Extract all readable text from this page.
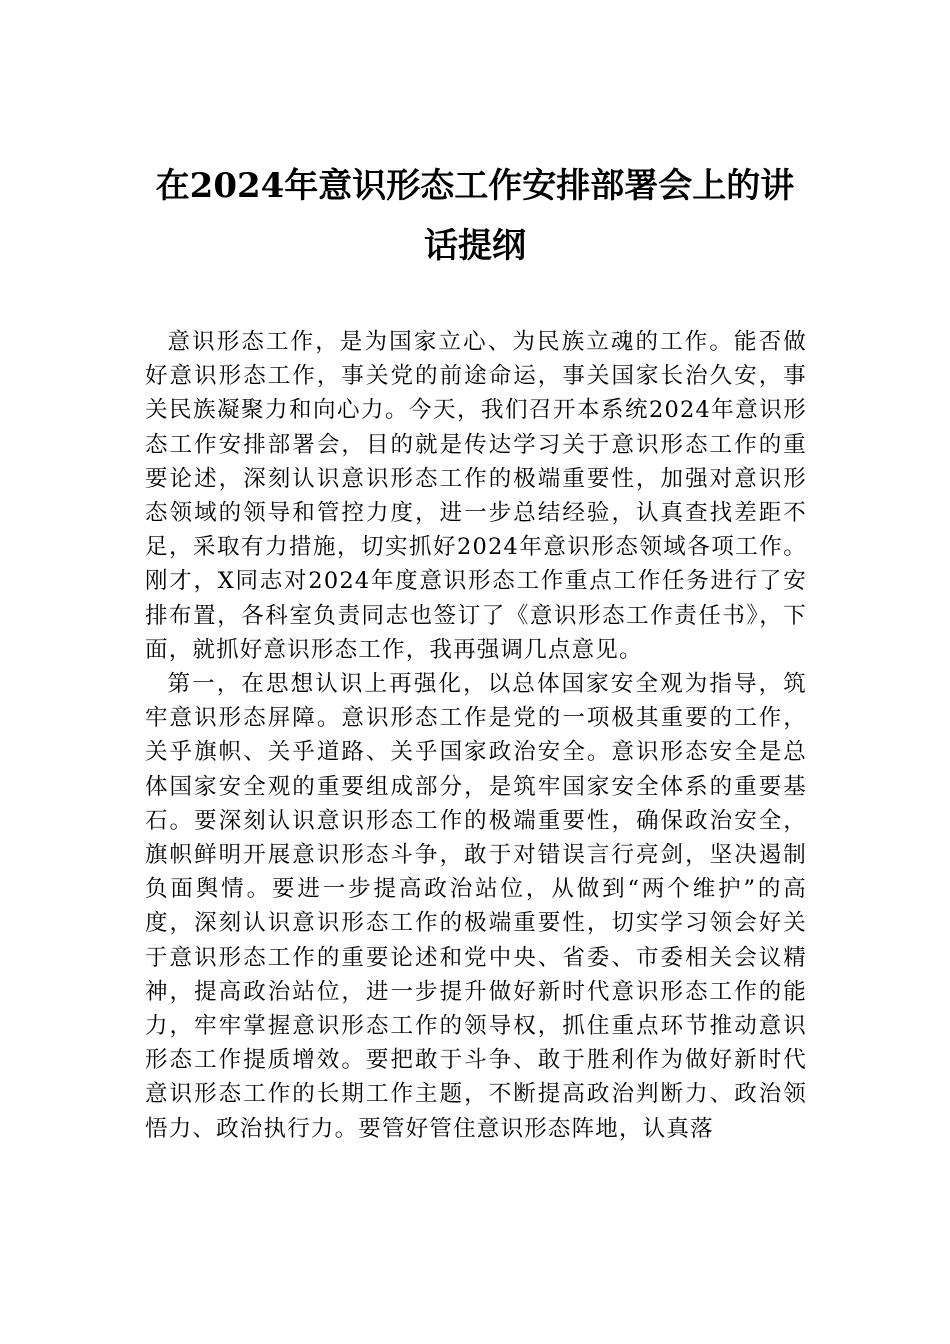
在2024年意识形态工作安排部署会上的讲话提纲

意识形态工作，是为国家立心、为民族立魂的工作。能否做好意识形态工作，事关党的前途命运，事关国家长治久安，事关民族凝聚力和向心力。今天，我们召开本系统2024年意识形态工作安排部署会，目的就是传达学习关于意识形态工作的重要论述，深刻认识意识形态工作的极端重要性，加强对意识形态领域的领导和管控力度，进一步总结经验，认真查找差距不足，采取有力措施，切实抓好2024年意识形态领域各项工作。刚才，X同志对2024年度意识形态工作重点工作任务进行了安排布置，各科室负责同志也签订了《意识形态工作责任书》，下面，就抓好意识形态工作，我再强调几点意见。

第一，在思想认识上再强化，以总体国家安全观为指导，筑牢意识形态屏障。意识形态工作是党的一项极其重要的工作，关乎旗帜、关乎道路、关乎国家政治安全。意识形态安全是总体国家安全观的重要组成部分，是筑牢国家安全体系的重要基石。要深刻认识意识形态工作的极端重要性，确保政治安全，旗帜鲜明开展意识形态斗争，敢于对错误言行亮剑，坚决遏制负面舆情。要进一步提高政治站位，从做到“两个维护”的高度，深刻认识意识形态工作的极端重要性，切实学习领会好关于意识形态工作的重要论述和党中央、省委、市委相关会议精神，提高政治站位，进一步提升做好新时代意识形态工作的能力，牢牢掌握意识形态工作的领导权，抓住重点环节推动意识形态工作提质增效。要把敢于斗争、敢于胜利作为做好新时代意识形态工作的长期工作主题，不断提高政治判断力、政治领悟力、政治执行力。要管好管住意识形态阵地，认真落
